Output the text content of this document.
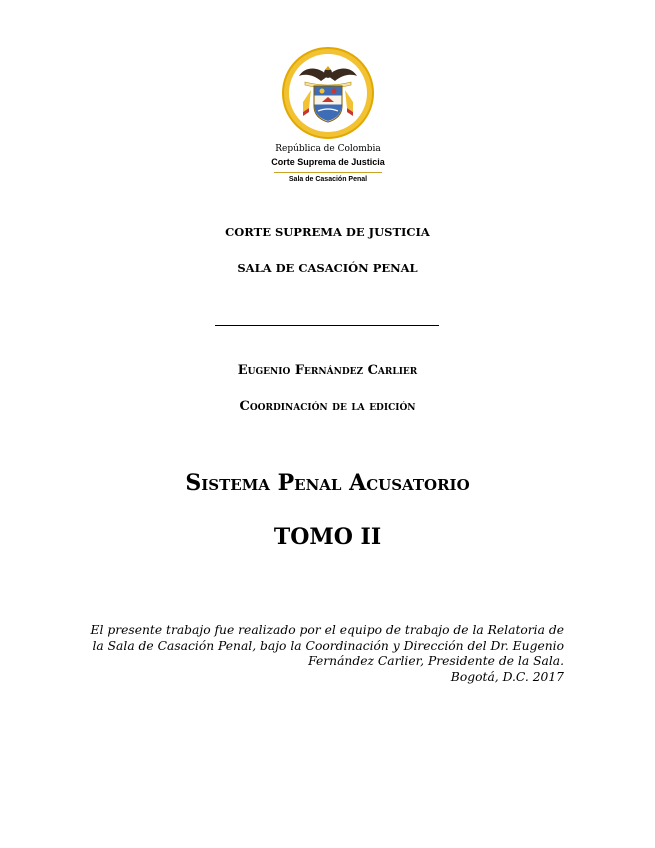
República de Colombia
Corte Suprema de Justicia
Sala de Casación Penal
CORTE SUPREMA DE JUSTICIA
SALA DE CASACIÓN PENAL
Eugenio Fernández Carlier
Coordinación de la edición
Sistema Penal Acusatorio
TOMO II
El presente trabajo fue realizado por el equipo de trabajo de la Relatoria de
la Sala de Casación Penal, bajo la Coordinación y Dirección del Dr. Eugenio
Fernández Carlier, Presidente de la Sala.
Bogotá, D.C. 2017
